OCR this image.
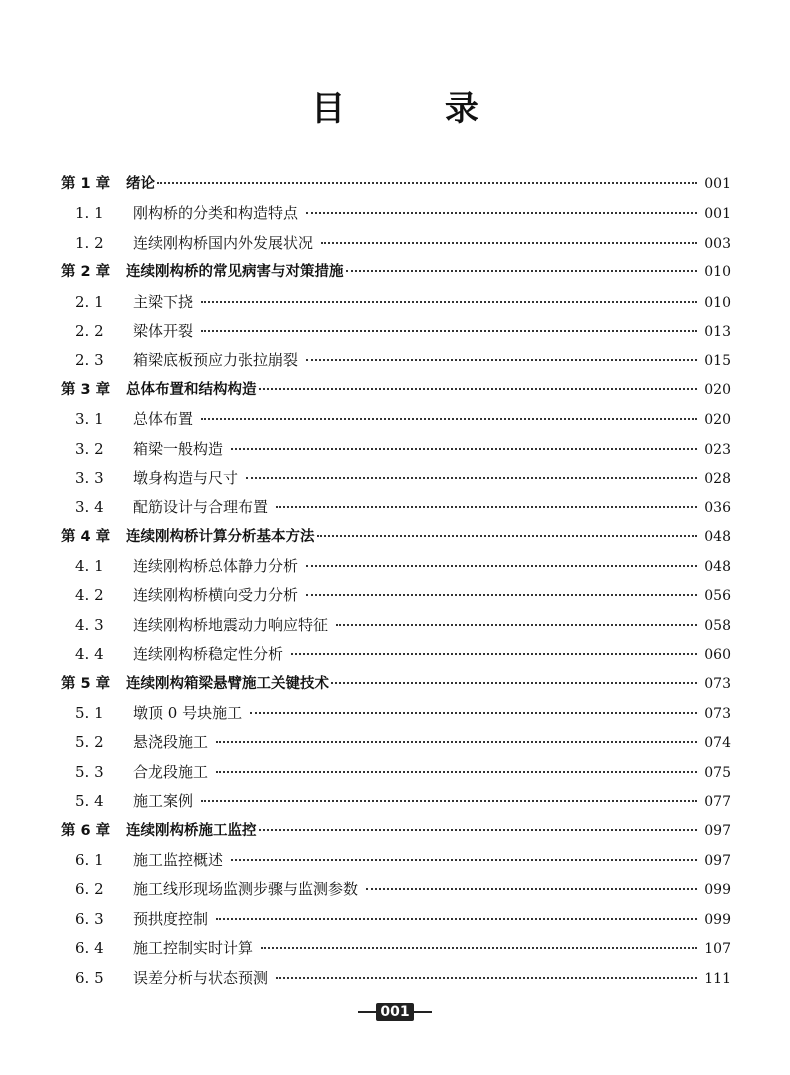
目 录
第 1 章	绪论	001
1. 1	刚构桥的分类和构造特点	001
1. 2	连续刚构桥国内外发展状况	003
第 2 章	连续刚构桥的常见病害与对策措施	010
2. 1	主梁下挠	010
2. 2	梁体开裂	013
2. 3	箱梁底板预应力张拉崩裂	015
第 3 章	总体布置和结构构造	020
3. 1	总体布置	020
3. 2	箱梁一般构造	023
3. 3	墩身构造与尺寸	028
3. 4	配筋设计与合理布置	036
第 4 章	连续刚构桥计算分析基本方法	048
4. 1	连续刚构桥总体静力分析	048
4. 2	连续刚构桥横向受力分析	056
4. 3	连续刚构桥地震动力响应特征	058
4. 4	连续刚构桥稳定性分析	060
第 5 章	连续刚构箱梁悬臂施工关键技术	073
5. 1	墩顶 0 号块施工	073
5. 2	悬浇段施工	074
5. 3	合龙段施工	075
5. 4	施工案例	077
第 6 章	连续刚构桥施工监控	097
6. 1	施工监控概述	097
6. 2	施工线形现场监测步骤与监测参数	099
6. 3	预拱度控制	099
6. 4	施工控制实时计算	107
6. 5	误差分析与状态预测	111
001
